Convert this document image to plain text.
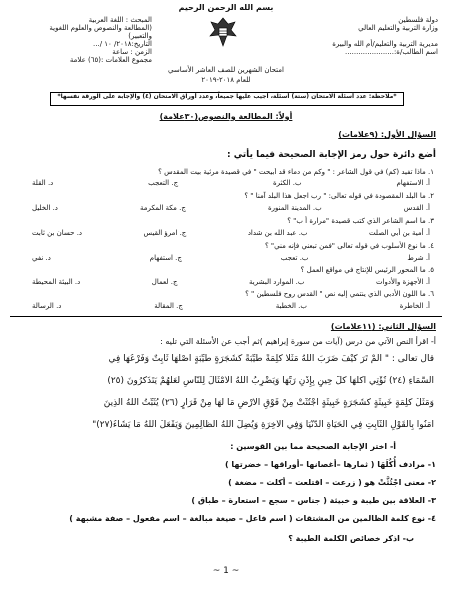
دولة فلسطين
وزارة التربية والتعليم العالي
مديرية التربية والتعليم/أم الله والبيرة
اسم الطالب/ة:......................
بسم الله الرحمن الرحيم
المبحث : اللغة العربية
(المطالعة والنصوص والعلوم اللغوية
والتعبير)
التاريخ:٢٠١٨/ ١٠ /...
الزمن : ساعة
مجموع العلامات :(٦٥) علامة
امتحان الشهرين للصف العاشر الأساسي
للعام ٢٠١٨-٢٠١٩
*ملاحظة: عدد أسئلة الامتحان (ستة) أسئلة، أجيب عليها جميعاً، وعدد أوراق الامتحان (٤) والإجابة على الورقة نفسها*
أولاً: المطالعة والنصوص(٣٠علامة)
السؤال الأول: (٩علامات)
أضع دائرة حول رمز الإجابة الصحيحة فيما يأتي :
١. ماذا تفيد (كم) في قول الشاعر : " وكم من دماء قد أبيحت " في قصيدة مرثية بيت المقدس ؟
أ. الاستفهام
ب. الكثرة
ج. التعجب
د. القلة
٢. ما البلد المقصودة في قوله تعالى: " رب اجعل هذا البلد آمنا " ؟
أ. القدس
ب. المدينة المنورة
ج. مكة المكرمة
د. الخليل
٣. ما اسم الشاعر الذي كتب قصيدة "مرارة أ ب" ؟
أ. أمية بن أبي الصلت
ب. عبد الله بن شداد
ج. امرؤ القيس
د. حسان بن ثابت
٤. ما نوع الأسلوب في قوله تعالى "فمن تبعني فإنه مني" ؟
أ. شرط
ب. تعجب
ج. استفهام
د. نفي
٥. ما المحور الرئيس للإنتاج في مواقع العمل ؟
أ. الأجهزة والأدوات
ب. الموارد البشرية
ج. لعمال
د. البيئة المحيطة
٦. ما اللون الأدبي الذي ينتمي إليه نص " القدس روح فلسطين " ؟
أ. الخاطرة
ب. الخطبة
ج. المقالة
د. الرسالة
السؤال الثاني: (١١علامات)
أ- اقرأ النص الآتي من درس (آيات من سورة إبراهيم )ثم أجب عن الأسئلة التي تليه :
قال تعالى : " أَلَمْ تَرَ كَيْفَ ضَرَبَ اللَّهُ مَثَلًا كَلِمَةً طَيِّبَةً كَشَجَرَةٍ طَيِّبَةٍ أَصْلُهَا ثَابِتٌ وَفَرْعُهَا فِي
السَّمَاءِ (٢٤) تُؤْتِي أُكُلَهَا كُلَّ حِينٍ بِإِذْنِ رَبِّهَا وَيَضْرِبُ اللَّهُ الْأَمْثَالَ لِلنَّاسِ لَعَلَّهُمْ يَتَذَكَّرُونَ (٢٥)
وَمَثَلُ كَلِمَةٍ خَبِيثَةٍ كَشَجَرَةٍ خَبِيثَةٍ اجْتُثَّتْ مِنْ فَوْقِ الْأَرْضِ مَا لَهَا مِنْ قَرَارٍ (٢٦) يُثَبِّتُ اللَّهُ الَّذِينَ
آمَنُوا بِالْقَوْلِ الثَّابِتِ فِي الْحَيَاةِ الدُّنْيَا وَفِي الْآخِرَةِ وَيُضِلُّ اللَّهُ الظَّالِمِينَ وَيَفْعَلُ اللَّهُ مَا يَشَاءُ(٢٧)"
أ- اختر الإجابة الصحيحة مما بين القوسين :
١- مرادف أُكُلَهَا ( ثمارها –أغصانها –أوراقها – خضرتها )
٢- معنى اجْتُثَّتْ هو ( زرعت – اقتلعت – أكلت – مضغة )
٣- العلاقة بين طيبة و خبيثة ( جناس – سجع – استعارة – طباق )
٤- نوع كلمة الظالمين من المشتقات ( اسم فاعل – صيغة مبالغة – اسم مفعول – صفة مشبهة )
ب- اذكر خصائص الكلمة الطيبة ؟
~ 1 ~
